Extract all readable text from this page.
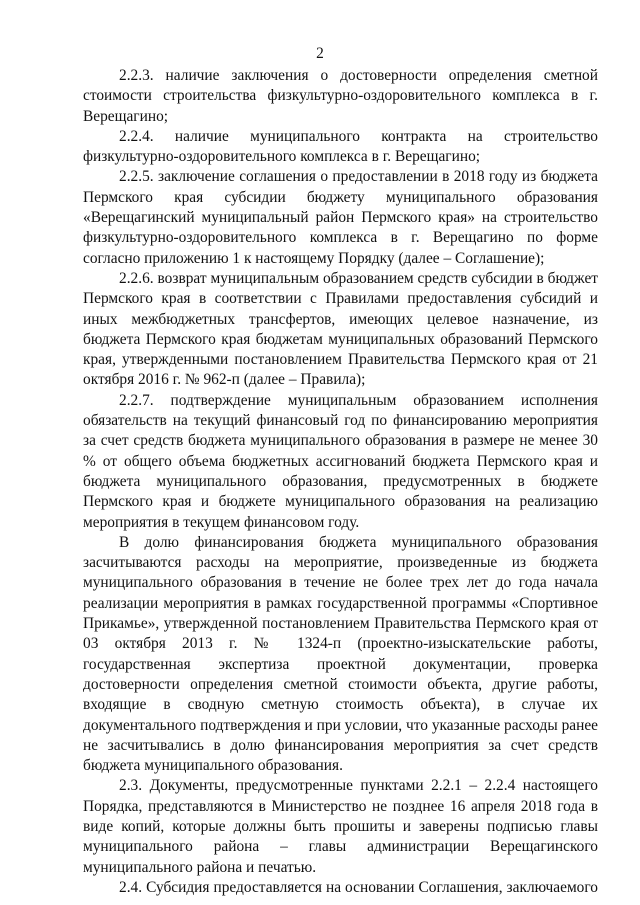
2

2.2.3. наличие заключения о достоверности определения сметной стоимости строительства физкультурно-оздоровительного комплекса в г. Верещагино;

2.2.4. наличие муниципального контракта на строительство физкультурно-оздоровительного комплекса в г. Верещагино;

2.2.5. заключение соглашения о предоставлении в 2018 году из бюджета Пермского края субсидии бюджету муниципального образования «Верещагинский муниципальный район Пермского края» на строительство физкультурно-оздоровительного комплекса в г. Верещагино по форме согласно приложению 1 к настоящему Порядку (далее – Соглашение);

2.2.6. возврат муниципальным образованием средств субсидии в бюджет Пермского края в соответствии с Правилами предоставления субсидий и иных межбюджетных трансфертов, имеющих целевое назначение, из бюджета Пермского края бюджетам муниципальных образований Пермского края, утвержденными постановлением Правительства Пермского края от 21 октября 2016 г. № 962-п (далее – Правила);

2.2.7. подтверждение муниципальным образованием исполнения обязательств на текущий финансовый год по финансированию мероприятия за счет средств бюджета муниципального образования в размере не менее 30 % от общего объема бюджетных ассигнований бюджета Пермского края и бюджета муниципального образования, предусмотренных в бюджете Пермского края и бюджете муниципального образования на реализацию мероприятия в текущем финансовом году.

В долю финансирования бюджета муниципального образования засчитываются расходы на мероприятие, произведенные из бюджета муниципального образования в течение не более трех лет до года начала реализации мероприятия в рамках государственной программы «Спортивное Прикамье», утвержденной постановлением Правительства Пермского края от 03 октября 2013 г. № 1324-п (проектно-изыскательские работы, государственная экспертиза проектной документации, проверка достоверности определения сметной стоимости объекта, другие работы, входящие в сводную сметную стоимость объекта), в случае их документального подтверждения и при условии, что указанные расходы ранее не засчитывались в долю финансирования мероприятия за счет средств бюджета муниципального образования.

2.3. Документы, предусмотренные пунктами 2.2.1 – 2.2.4 настоящего Порядка, представляются в Министерство не позднее 16 апреля 2018 года в виде копий, которые должны быть прошиты и заверены подписью главы муниципального района – главы администрации Верещагинского муниципального района и печатью.

2.4. Субсидия предоставляется на основании Соглашения, заключаемого
